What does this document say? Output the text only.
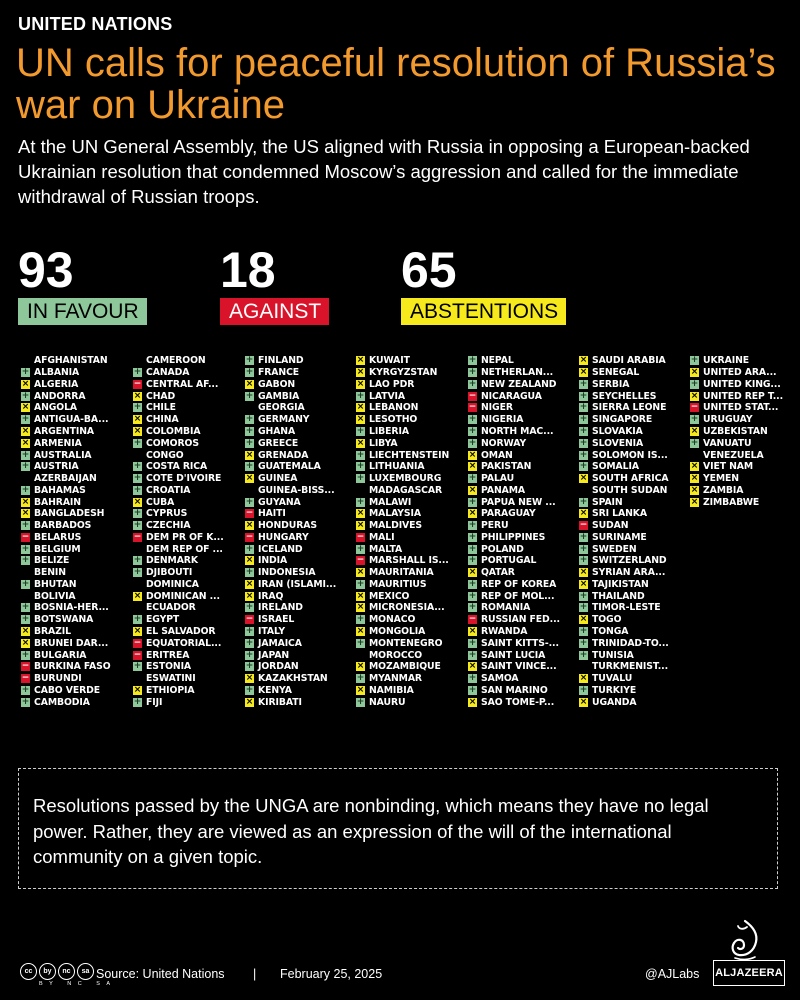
UNITED NATIONS
UN calls for peaceful resolution of Russia’s war on Ukraine
At the UN General Assembly, the US aligned with Russia in opposing a European-backed Ukrainian resolution that condemned Moscow’s aggression and called for the immediate withdrawal of Russian troops.
93
IN FAVOUR
18
AGAINST
65
ABSTENTIONS
AFGHANISTAN
+ ALBANIA
× ALGERIA
+ ANDORRA
× ANGOLA
+ ANTIGUA-BA...
× ARGENTINA
× ARMENIA
+ AUSTRALIA
+ AUSTRIA
AZERBAIJAN
+ BAHAMAS
× BAHRAIN
× BANGLADESH
+ BARBADOS
− BELARUS
+ BELGIUM
+ BELIZE
BENIN
+ BHUTAN
BOLIVIA
+ BOSNIA-HER...
+ BOTSWANA
× BRAZIL
× BRUNEI DAR...
+ BULGARIA
− BURKINA FASO
− BURUNDI
+ CABO VERDE
+ CAMBODIA
CAMEROON
+ CANADA
− CENTRAL AF...
× CHAD
+ CHILE
× CHINA
× COLOMBIA
+ COMOROS
CONGO
+ COSTA RICA
+ COTE D'IVOIRE
+ CROATIA
× CUBA
+ CYPRUS
+ CZECHIA
− DEM PR OF K...
DEM REP OF ...
+ DENMARK
+ DJIBOUTI
DOMINICA
× DOMINICAN ...
ECUADOR
+ EGYPT
× EL SALVADOR
− EQUATORIAL...
− ERITREA
+ ESTONIA
ESWATINI
× ETHIOPIA
+ FIJI
+ FINLAND
+ FRANCE
× GABON
+ GAMBIA
GEORGIA
+ GERMANY
+ GHANA
+ GREECE
× GRENADA
+ GUATEMALA
× GUINEA
GUINEA-BISS...
+ GUYANA
− HAITI
× HONDURAS
− HUNGARY
+ ICELAND
× INDIA
+ INDONESIA
× IRAN (ISLAMI...
× IRAQ
+ IRELAND
− ISRAEL
+ ITALY
+ JAMAICA
+ JAPAN
+ JORDAN
× KAZAKHSTAN
+ KENYA
× KIRIBATI
× KUWAIT
× KYRGYZSTAN
× LAO PDR
+ LATVIA
× LEBANON
× LESOTHO
+ LIBERIA
× LIBYA
+ LIECHTENSTEIN
+ LITHUANIA
+ LUXEMBOURG
MADAGASCAR
+ MALAWI
× MALAYSIA
× MALDIVES
− MALI
+ MALTA
− MARSHALL IS...
× MAURITANIA
+ MAURITIUS
× MEXICO
× MICRONESIA...
+ MONACO
× MONGOLIA
+ MONTENEGRO
MOROCCO
× MOZAMBIQUE
+ MYANMAR
× NAMIBIA
+ NAURU
+ NEPAL
+ NETHERLAN...
+ NEW ZEALAND
− NICARAGUA
− NIGER
+ NIGERIA
+ NORTH MAC...
+ NORWAY
× OMAN
× PAKISTAN
+ PALAU
× PANAMA
+ PAPUA NEW ...
× PARAGUAY
+ PERU
+ PHILIPPINES
+ POLAND
+ PORTUGAL
× QATAR
+ REP OF KOREA
+ REP OF MOL...
+ ROMANIA
− RUSSIAN FED...
× RWANDA
+ SAINT KITTS-...
+ SAINT LUCIA
× SAINT VINCE...
+ SAMOA
+ SAN MARINO
× SAO TOME-P...
× SAUDI ARABIA
× SENEGAL
+ SERBIA
+ SEYCHELLES
+ SIERRA LEONE
+ SINGAPORE
+ SLOVAKIA
+ SLOVENIA
+ SOLOMON IS...
+ SOMALIA
× SOUTH AFRICA
SOUTH SUDAN
+ SPAIN
× SRI LANKA
− SUDAN
+ SURINAME
+ SWEDEN
+ SWITZERLAND
× SYRIAN ARA...
× TAJIKISTAN
+ THAILAND
+ TIMOR-LESTE
× TOGO
+ TONGA
+ TRINIDAD-TO...
+ TUNISIA
TURKMENIST...
× TUVALU
+ TURKIYE
× UGANDA
+ UKRAINE
× UNITED ARA...
+ UNITED KING...
× UNITED REP T...
− UNITED STAT...
+ URUGUAY
× UZBEKISTAN
+ VANUATU
VENEZUELA
× VIET NAM
× YEMEN
× ZAMBIA
× ZIMBABWE
Resolutions passed by the UNGA are nonbinding, which means they have no legal power. Rather, they are viewed as an expression of the will of the international community on a given topic.
cc	by	nc	sa
BY NC SA
Source: United Nations | February 25, 2025	@AJLabs ALJAZEERA
